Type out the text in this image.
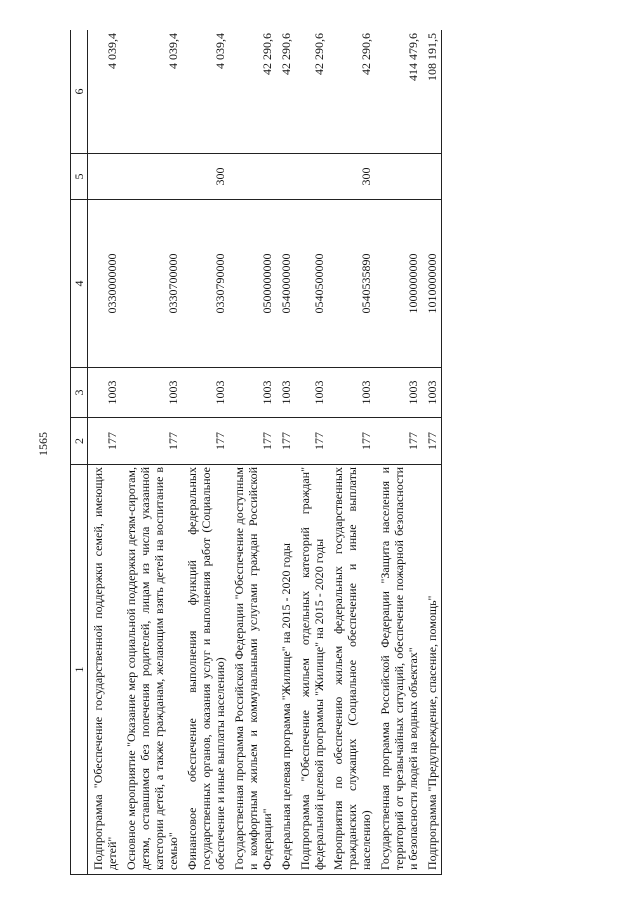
1565
1	2	3	4	5	6
Подпрограмма "Обеспечение государственной поддержки семей, имеющих детей"	177	1003	0330000000		4 039,4
Основное мероприятие "Оказание мер социальной поддержки детям-сиротам, детям, оставшимся без попечения родителей, лицам из числа указанной категории детей, а также гражданам, желающим взять детей на воспитание в семью"	177	1003	0330700000		4 039,4
Финансовое обеспечение выполнения функций федеральных государственных органов, оказания услуг и выполнения работ (Социальное обеспечение и иные выплаты населению)	177	1003	0330790000	300	4 039,4
Государственная программа Российской Федерации "Обеспечение доступным и комфортным жильем и коммунальными услугами граждан Российской Федерации"	177	1003	0500000000		42 290,6
Федеральная целевая программа "Жилище" на 2015 - 2020 годы	177	1003	0540000000		42 290,6
Подпрограмма "Обеспечение жильем отдельных категорий граждан" федеральной целевой программы "Жилище" на 2015 - 2020 годы	177	1003	0540500000		42 290,6
Мероприятия по обеспечению жильем федеральных государственных гражданских служащих (Социальное обеспечение и иные выплаты населению)	177	1003	0540535890	300	42 290,6
Государственная программа Российской Федерации "Защита населения и территорий от чрезвычайных ситуаций, обеспечение пожарной безопасности и безопасности людей на водных объектах"	177	1003	1000000000		414 479,6
Подпрограмма "Предупреждение, спасение, помощь"	177	1003	1010000000		108 191,5
